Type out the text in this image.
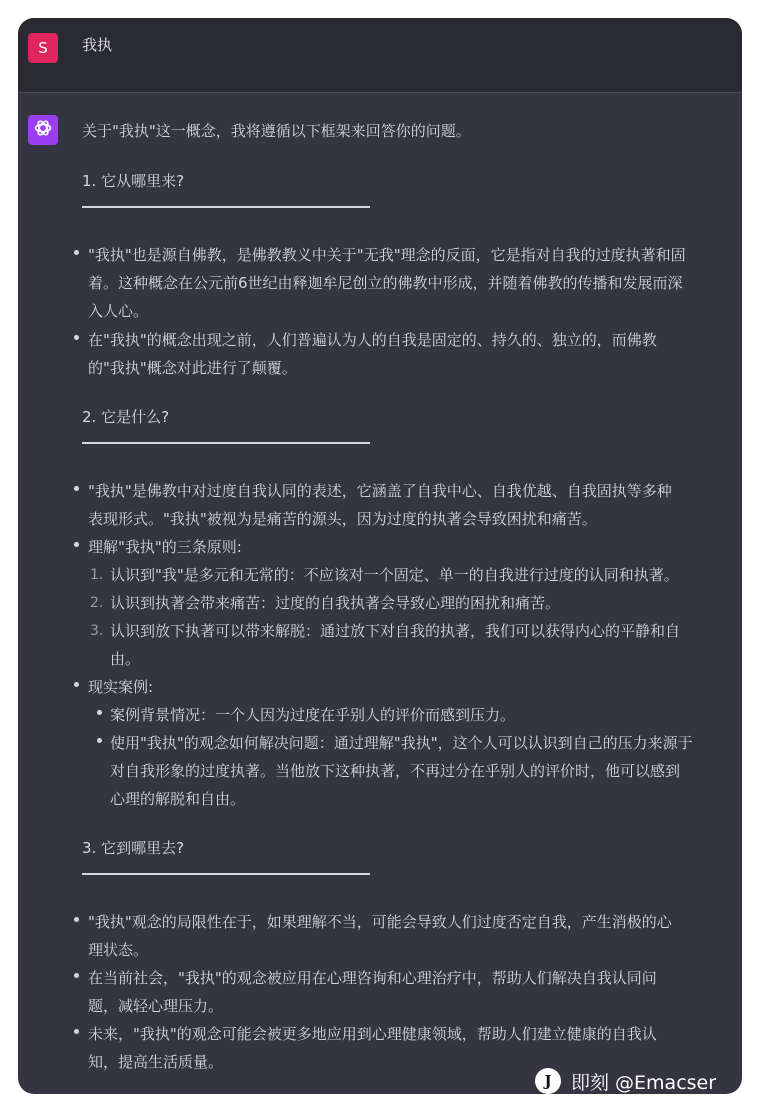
S	我执
关于"我执"这一概念，我将遵循以下框架来回答你的问题。
1. 它从哪里来?
"我执"也是源自佛教，是佛教教义中关于"无我"理念的反面，它是指对自我的过度执著和固
着。这种概念在公元前6世纪由释迦牟尼创立的佛教中形成，并随着佛教的传播和发展而深
入人心。
在"我执"的概念出现之前，人们普遍认为人的自我是固定的、持久的、独立的，而佛教
的"我执"概念对此进行了颠覆。
2. 它是什么?
"我执"是佛教中对过度自我认同的表述，它涵盖了自我中心、自我优越、自我固执等多种
表现形式。"我执"被视为是痛苦的源头，因为过度的执著会导致困扰和痛苦。
理解"我执"的三条原则:
1. 认识到"我"是多元和无常的：不应该对一个固定、单一的自我进行过度的认同和执著。
2. 认识到执著会带来痛苦：过度的自我执著会导致心理的困扰和痛苦。
3. 认识到放下执著可以带来解脱：通过放下对自我的执著，我们可以获得内心的平静和自
由。
现实案例:
案例背景情况：一个人因为过度在乎别人的评价而感到压力。
使用"我执"的观念如何解决问题：通过理解"我执"，这个人可以认识到自己的压力来源于
对自我形象的过度执著。当他放下这种执著，不再过分在乎别人的评价时，他可以感到
心理的解脱和自由。
3. 它到哪里去?
"我执"观念的局限性在于，如果理解不当，可能会导致人们过度否定自我，产生消极的心
理状态。
在当前社会，"我执"的观念被应用在心理咨询和心理治疗中，帮助人们解决自我认同问
题，减轻心理压力。
未来，"我执"的观念可能会被更多地应用到心理健康领域，帮助人们建立健康的自我认
知，提高生活质量。
J	即刻 @Emacser
